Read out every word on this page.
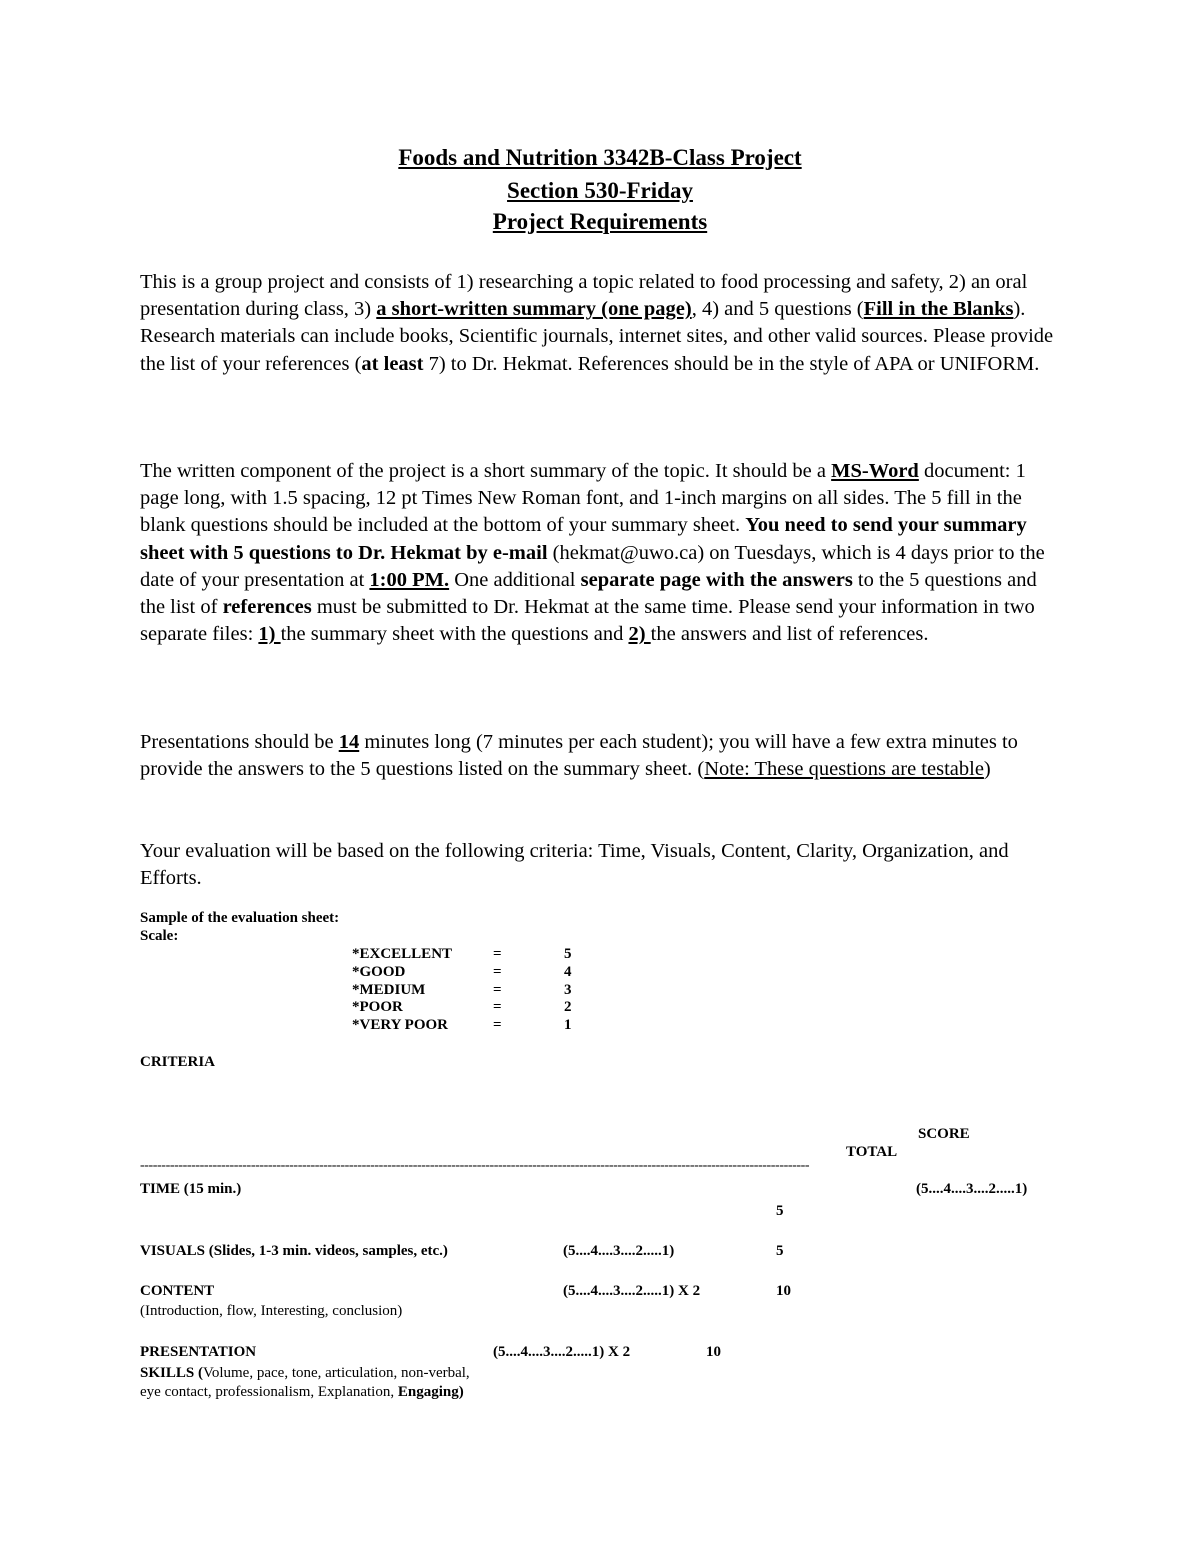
Foods and Nutrition 3342B-Class Project
Section 530-Friday
Project Requirements

This is a group project and consists of 1) researching a topic related to food processing and safety, 2) an oral presentation during class, 3) a short-written summary (one page), 4) and 5 questions (Fill in the Blanks). Research materials can include books, Scientific journals, internet sites, and other valid sources. Please provide the list of your references (at least 7) to Dr. Hekmat. References should be in the style of APA or UNIFORM.

The written component of the project is a short summary of the topic. It should be a MS-Word document: 1 page long, with 1.5 spacing, 12 pt Times New Roman font, and 1-inch margins on all sides. The 5 fill in the blank questions should be included at the bottom of your summary sheet. You need to send your summary sheet with 5 questions to Dr. Hekmat by e-mail (hekmat@uwo.ca) on Tuesdays, which is 4 days prior to the date of your presentation at 1:00 PM. One additional separate page with the answers to the 5 questions and the list of references must be submitted to Dr. Hekmat at the same time. Please send your information in two separate files: 1) the summary sheet with the questions and 2) the answers and list of references.

Presentations should be 14 minutes long (7 minutes per each student); you will have a few extra minutes to provide the answers to the 5 questions listed on the summary sheet. (Note: These questions are testable)

Your evaluation will be based on the following criteria: Time, Visuals, Content, Clarity, Organization, and Efforts.

Sample of the evaluation sheet:
Scale:
*EXCELLENT	=	5
*GOOD	=	4
*MEDIUM	=	3
*POOR	=	2
*VERY POOR	=	1
CRITERIA
SCORE
TOTAL
-------------------------------------------------------------------------------------------------------------------------------------------------------------
TIME (15 min.)	(5....4....3....2.....1)
5
VISUALS (Slides, 1-3 min. videos, samples, etc.)	(5....4....3....2.....1)	5
CONTENT	(5....4....3....2.....1) X 2	10
(Introduction, flow, Interesting, conclusion)
PRESENTATION	(5....4....3....2.....1) X 2	10
SKILLS (Volume, pace, tone, articulation, non-verbal,
eye contact, professionalism, Explanation, Engaging)
